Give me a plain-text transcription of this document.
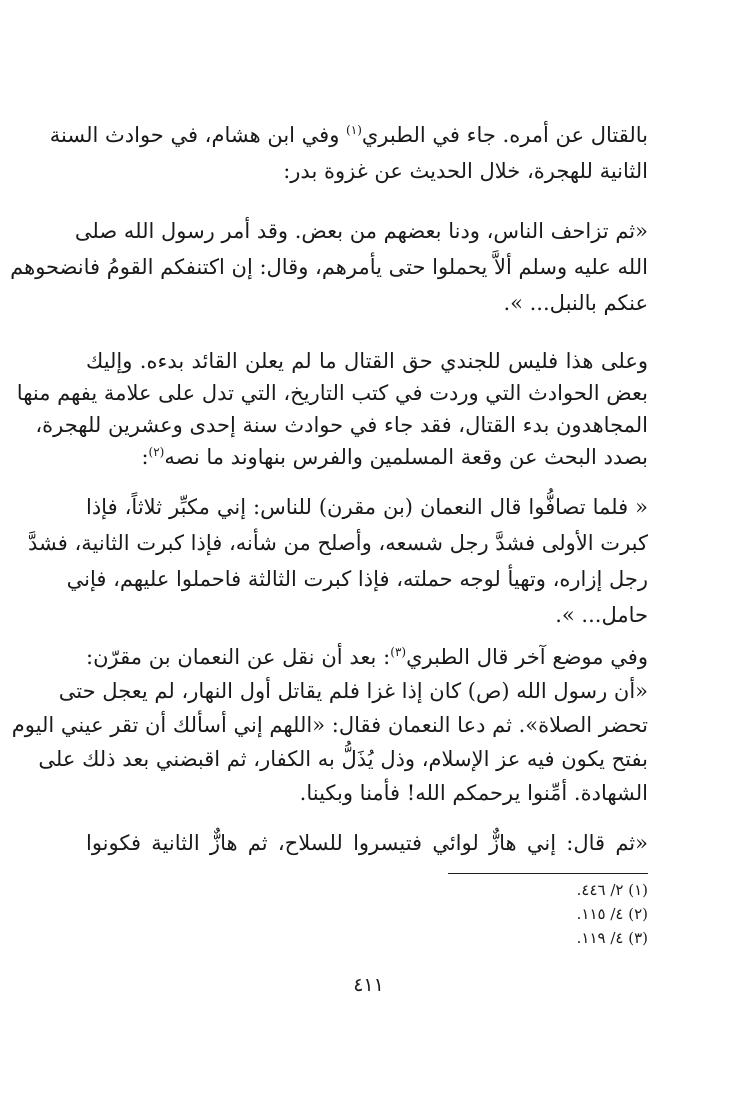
بالقتال عن أمره. جاء في الطبري$^{(١)}$ وفي ابن هشام، في حوادث السنة
الثانية للهجرة، خلال الحديث عن غزوة بدر:
«ثم تزاحف الناس، ودنا بعضهم من بعض. وقد أمر رسول الله صلى
الله عليه وسلم ألاَّ يحملوا حتى يأمرهم، وقال: إن اكتنفكم القومُ فانضحوهم
عنكم بالنبل... ».
وعلى هذا فليس للجندي حق القتال ما لم يعلن القائد بدءه. وإليك
بعض الحوادث التي وردت في كتب التاريخ، التي تدل على علامة يفهم منها
المجاهدون بدء القتال، فقد جاء في حوادث سنة إحدى وعشرين للهجرة،
بصدد البحث عن وقعة المسلمين والفرس بنهاوند ما نصه$^{(٢)}$:
« فلما تصافُّوا قال النعمان (بن مقرن) للناس: إني مكبِّر ثلاثاً، فإذا
كبرت الأولى فشدَّ رجل شسعه، وأصلح من شأنه، فإذا كبرت الثانية، فشدَّ
رجل إزاره، وتهيأ لوجه حملته، فإذا كبرت الثالثة فاحملوا عليهم، فإني
حامل... ».
وفي موضع آخر قال الطبري$^{(٣)}$: بعد أن نقل عن النعمان بن مقرّن:
«أن رسول الله (ص) كان إذا غزا فلم يقاتل أول النهار، لم يعجل حتى
تحضر الصلاة». ثم دعا النعمان فقال: «اللهم إني أسألك أن تقر عيني اليوم
بفتح يكون فيه عز الإسلام، وذل يُذَلُّ به الكفار، ثم اقبضني بعد ذلك على
الشهادة. أمِّنوا يرحمكم الله! فأمنا وبكينا.
«ثم قال: إني هازٌّ لوائي فتيسروا للسلاح، ثم هازٌّ الثانية فكونوا
(١) ٢/ ٤٤٦.
(٢) ٤/ ١١٥.
(٣) ٤/ ١١٩.
٤١١
